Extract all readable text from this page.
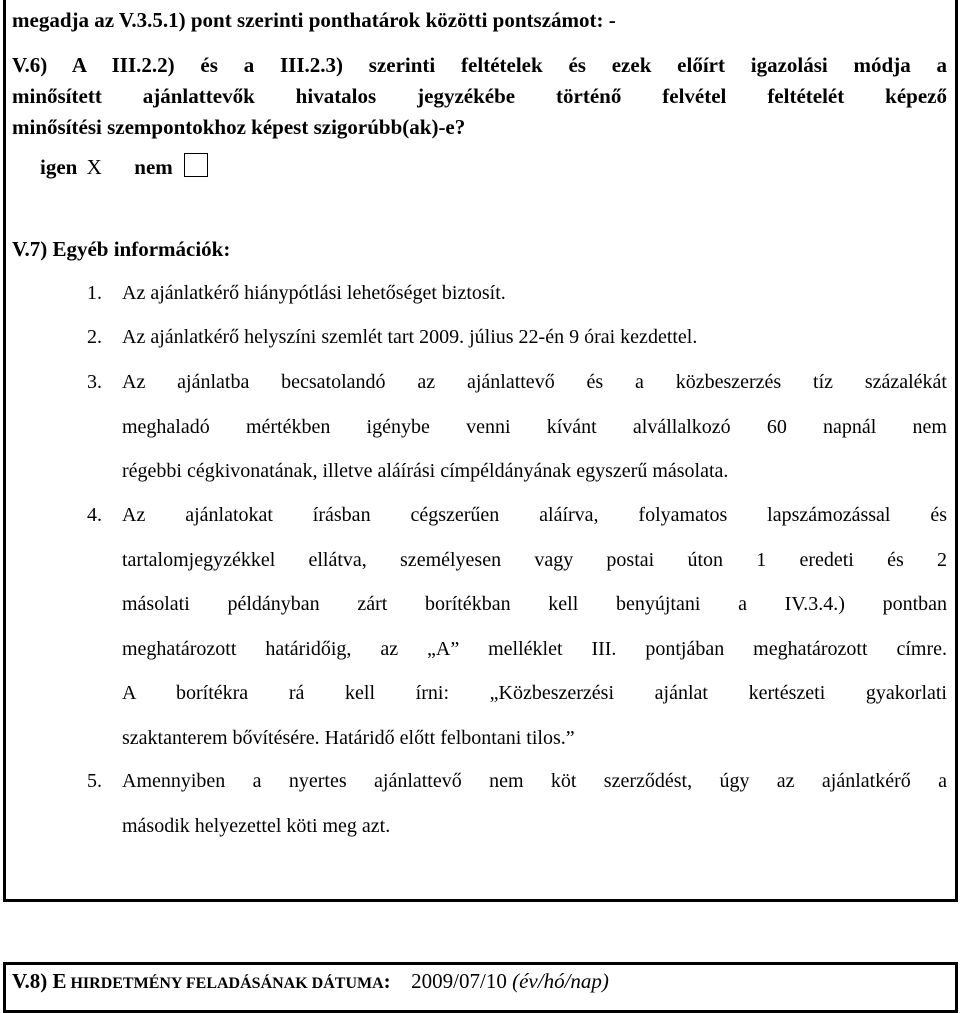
megadja az V.3.5.1) pont szerinti ponthatárok közötti pontszámot: -
V.6) A III.2.2) és a III.2.3) szerinti feltételek és ezek előírt igazolási módja a
minősített ajánlattevők hivatalos jegyzékébe történő felvétel feltételét képező
minősítési szempontokhoz képest szigorúbb(ak)-e?
igen X nem
V.7) Egyéb információk:
1. Az ajánlatkérő hiánypótlási lehetőséget biztosít.
2. Az ajánlatkérő helyszíni szemlét tart 2009. július 22-én 9 órai kezdettel.
3. Az ajánlatba becsatolandó az ajánlattevő és a közbeszerzés tíz százalékát
meghaladó mértékben igénybe venni kívánt alvállalkozó 60 napnál nem
régebbi cégkivonatának, illetve aláírási címpéldányának egyszerű másolata.
4. Az ajánlatokat írásban cégszerűen aláírva, folyamatos lapszámozással és
tartalomjegyzékkel ellátva, személyesen vagy postai úton 1 eredeti és 2
másolati példányban zárt borítékban kell benyújtani a IV.3.4.) pontban
meghatározott határidőig, az „A” melléklet III. pontjában meghatározott címre.
A borítékra rá kell írni: „Közbeszerzési ajánlat kertészeti gyakorlati
szaktanterem bővítésére. Határidő előtt felbontani tilos.”
5. Amennyiben a nyertes ajánlattevő nem köt szerződést, úgy az ajánlatkérő a
második helyezettel köti meg azt.
V.8) E HIRDETMÉNY FELADÁSÁNAK DÁTUMA: 2009/07/10 (év/hó/nap)
